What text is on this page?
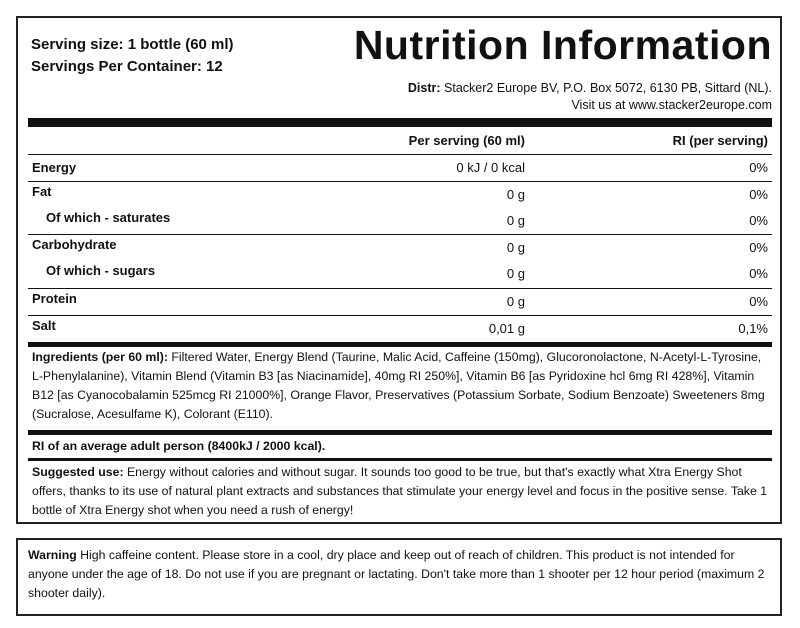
Serving size: 1 bottle (60 ml)
Servings Per Container: 12	Nutrition Information
Distr: Stacker2 Europe BV, P.O. Box 5072, 6130 PB, Sittard (NL).
Visit us at www.stacker2europe.com
Per serving (60 ml)	RI (per serving)
Energy	0 kJ / 0 kcal	0%
Fat	0 g	0%
Of which - saturates	0 g	0%
Carbohydrate	0 g	0%
Of which - sugars	0 g	0%
Protein	0 g	0%
Salt	0,01 g	0,1%
Ingredients (per 60 ml): Filtered Water, Energy Blend (Taurine, Malic Acid, Caffeine (150mg), Glucoronolactone, N-Acetyl-L-Tyrosine, L-Phenylalanine), Vitamin Blend (Vitamin B3 [as Niacinamide], 40mg RI 250%], Vitamin B6 [as Pyridoxine hcl 6mg RI 428%], Vitamin B12 [as Cyanocobalamin 525mcg RI 21000%], Orange Flavor, Preservatives (Potassium Sorbate, Sodium Benzoate) Sweeteners 8mg (Sucralose, Acesulfame K), Colorant (E110).
RI of an average adult person (8400kJ / 2000 kcal).
Suggested use: Energy without calories and without sugar. It sounds too good to be true, but that's exactly what Xtra Energy Shot offers, thanks to its use of natural plant extracts and substances that stimulate your energy level and focus in the positive sense. Take 1 bottle of Xtra Energy shot when you need a rush of energy!
Warning High caffeine content. Please store in a cool, dry place and keep out of reach of children. This product is not intended for anyone under the age of 18. Do not use if you are pregnant or lactating. Don't take more than 1 shooter per 12 hour period (maximum 2 shooter daily).
